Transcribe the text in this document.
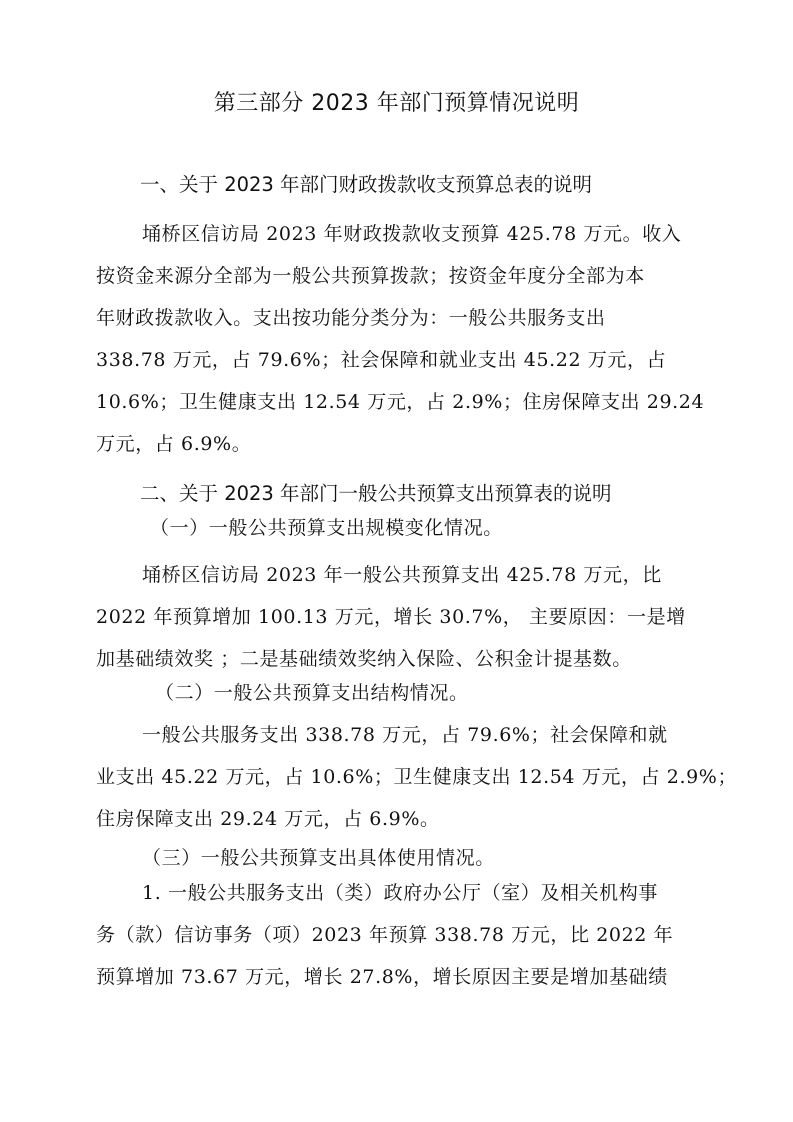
第三部分 2023 年部门预算情况说明
一、关于 2023 年部门财政拨款收支预算总表的说明
埇桥区信访局 2023 年财政拨款收支预算 425.78 万元。收入
按资金来源分全部为一般公共预算拨款；按资金年度分全部为本
年财政拨款收入。支出按功能分类分为：一般公共服务支出
338.78 万元，占 79.6%；社会保障和就业支出 45.22 万元，占
10.6%；卫生健康支出 12.54 万元，占 2.9%；住房保障支出 29.24
万元，占 6.9%。
二、关于 2023 年部门一般公共预算支出预算表的说明
（一）一般公共预算支出规模变化情况。
埇桥区信访局 2023 年一般公共预算支出 425.78 万元，比
2022 年预算增加 100.13 万元，增长 30.7%， 主要原因：一是增
加基础绩效奖 ；二是基础绩效奖纳入保险、公积金计提基数。
（二）一般公共预算支出结构情况。
一般公共服务支出 338.78 万元，占 79.6%；社会保障和就
业支出 45.22 万元，占 10.6%；卫生健康支出 12.54 万元，占 2.9%；
住房保障支出 29.24 万元，占 6.9%。
（三）一般公共预算支出具体使用情况。
1. 一般公共服务支出（类）政府办公厅（室）及相关机构事
务（款）信访事务（项）2023 年预算 338.78 万元，比 2022 年
预算增加 73.67 万元，增长 27.8%，增长原因主要是增加基础绩
